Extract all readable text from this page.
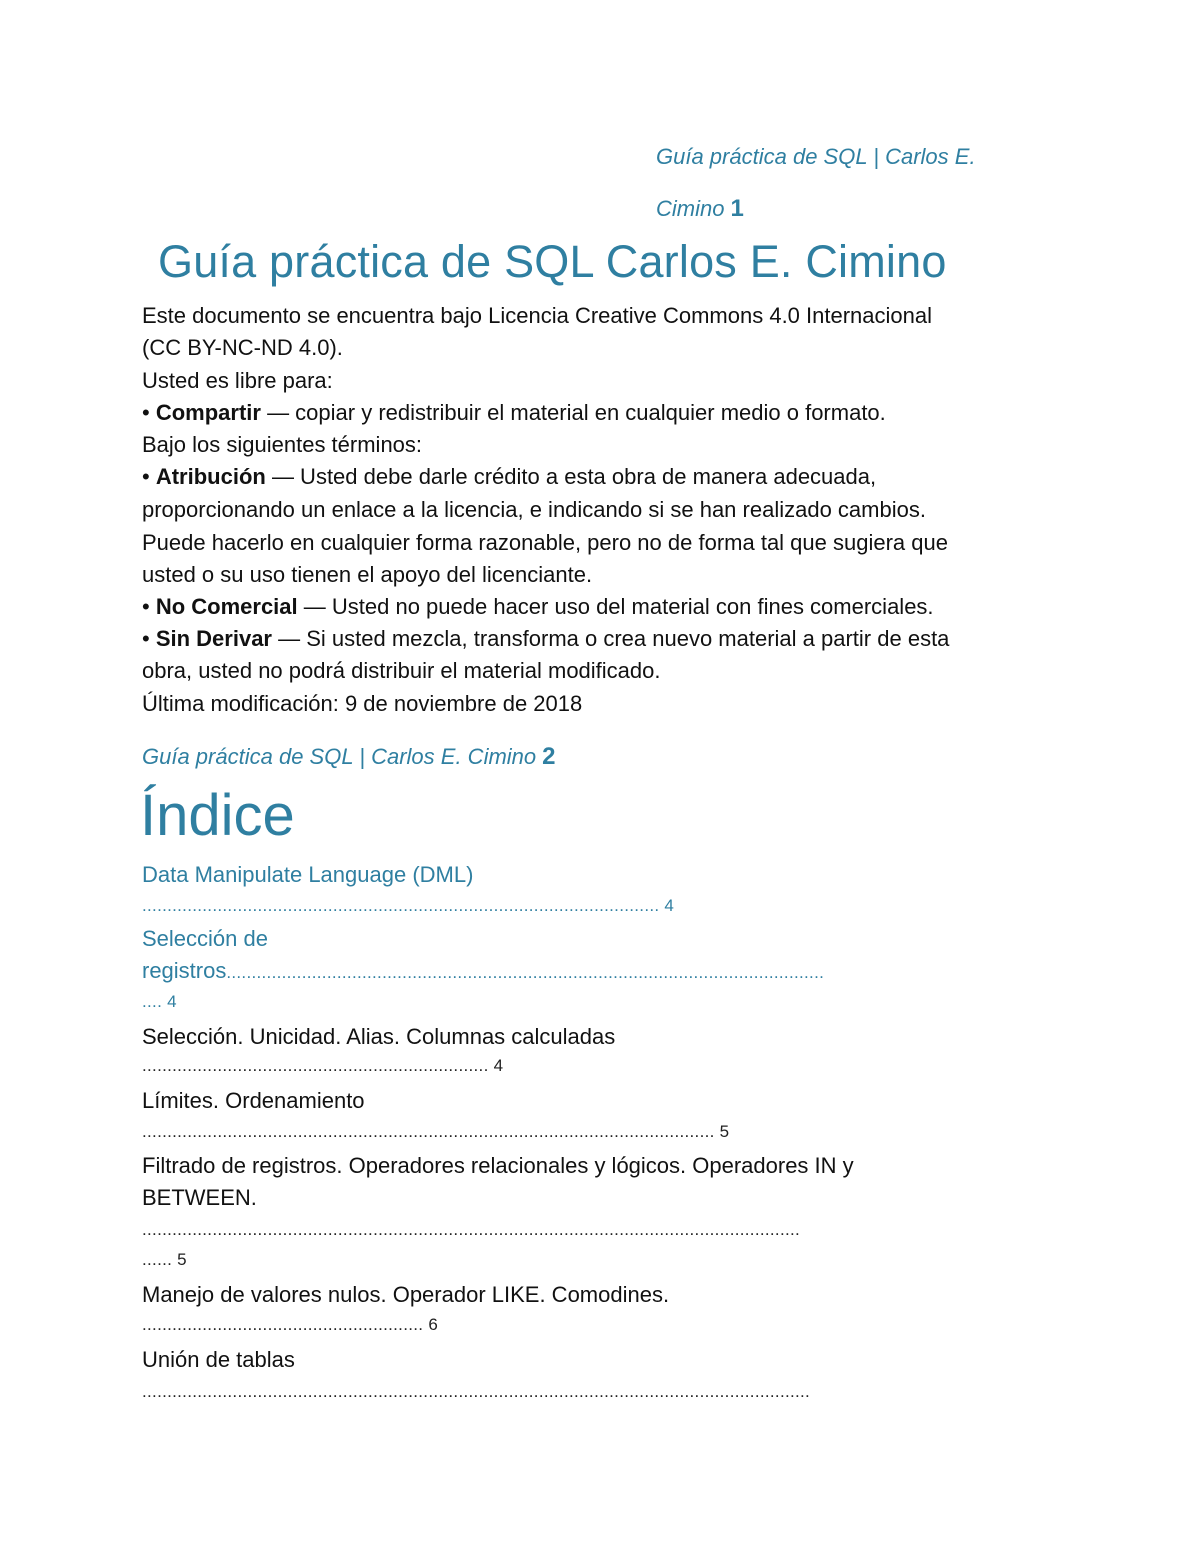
Guía práctica de SQL | Carlos E.
Cimino 1
Guía práctica de SQL Carlos E. Cimino
Este documento se encuentra bajo Licencia Creative Commons 4.0 Internacional
(CC BY-NC-ND 4.0).
Usted es libre para:
• Compartir — copiar y redistribuir el material en cualquier medio o formato.
Bajo los siguientes términos:
• Atribución — Usted debe darle crédito a esta obra de manera adecuada,
proporcionando un enlace a la licencia, e indicando si se han realizado cambios.
Puede hacerlo en cualquier forma razonable, pero no de forma tal que sugiera que
usted o su uso tienen el apoyo del licenciante.
• No Comercial — Usted no puede hacer uso del material con fines comerciales.
• Sin Derivar — Si usted mezcla, transforma o crea nuevo material a partir de esta
obra, usted no podrá distribuir el material modificado.
Última modificación: 9 de noviembre de 2018
Guía práctica de SQL | Carlos E. Cimino 2
Índice
Data Manipulate Language (DML)
....................................................................................................... 4
Selección de
registros.......................................................................................................................
.... 4
Selección. Unicidad. Alias. Columnas calculadas
..................................................................... 4
Límites. Ordenamiento
.................................................................................................................. 5
Filtrado de registros. Operadores relacionales y lógicos. Operadores IN y
BETWEEN.
...................................................................................................................................
...... 5
Manejo de valores nulos. Operador LIKE. Comodines.
........................................................ 6
Unión de tablas
.....................................................................................................................................
